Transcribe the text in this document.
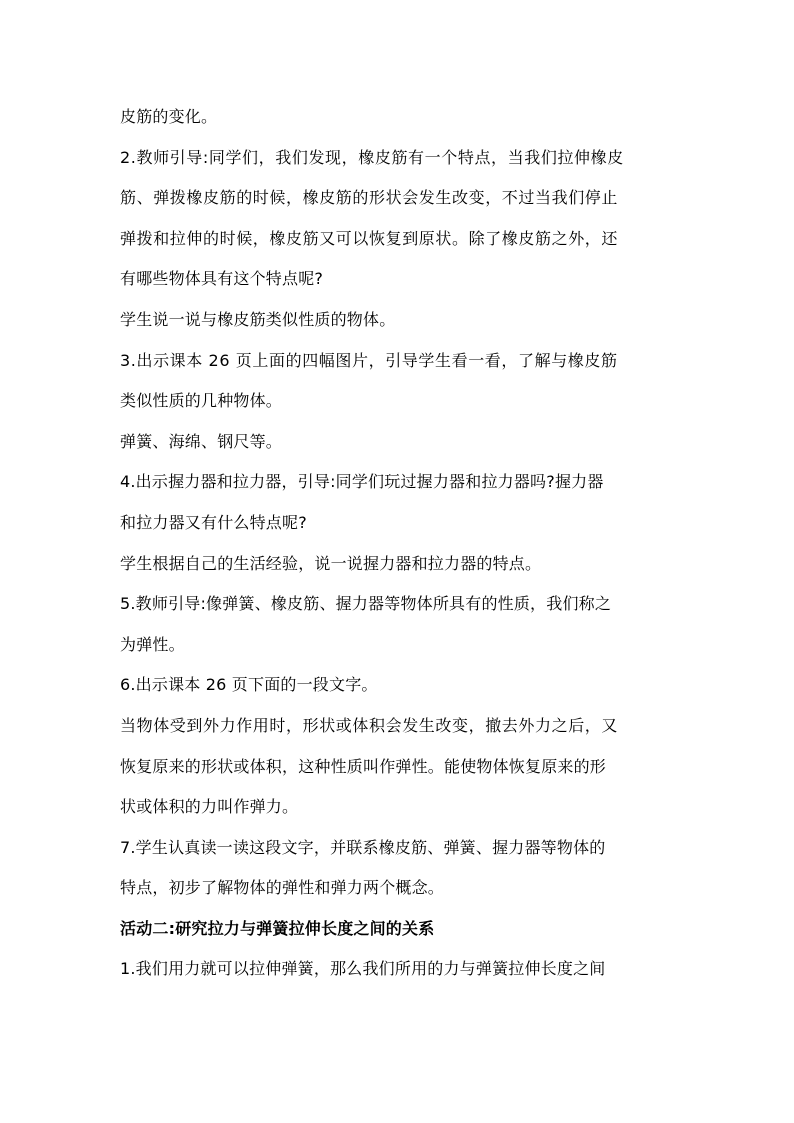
皮筋的变化。
2.教师引导:同学们，我们发现，橡皮筋有一个特点，当我们拉伸橡皮
筋、弹拨橡皮筋的时候，橡皮筋的形状会发生改变，不过当我们停止
弹拨和拉伸的时候，橡皮筋又可以恢复到原状。除了橡皮筋之外，还
有哪些物体具有这个特点呢?
学生说一说与橡皮筋类似性质的物体。
3.出示课本 26 页上面的四幅图片，引导学生看一看，了解与橡皮筋
类似性质的几种物体。
弹簧、海绵、钢尺等。
4.出示握力器和拉力器，引导:同学们玩过握力器和拉力器吗?握力器
和拉力器又有什么特点呢?
学生根据自己的生活经验，说一说握力器和拉力器的特点。
5.教师引导:像弹簧、橡皮筋、握力器等物体所具有的性质，我们称之
为弹性。
6.出示课本 26 页下面的一段文字。
当物体受到外力作用时，形状或体积会发生改变，撤去外力之后，又
恢复原来的形状或体积，这种性质叫作弹性。能使物体恢复原来的形
状或体积的力叫作弹力。
7.学生认真读一读这段文字，并联系橡皮筋、弹簧、握力器等物体的
特点，初步了解物体的弹性和弹力两个概念。
活动二:研究拉力与弹簧拉伸长度之间的关系
1.我们用力就可以拉伸弹簧，那么我们所用的力与弹簧拉伸长度之间
